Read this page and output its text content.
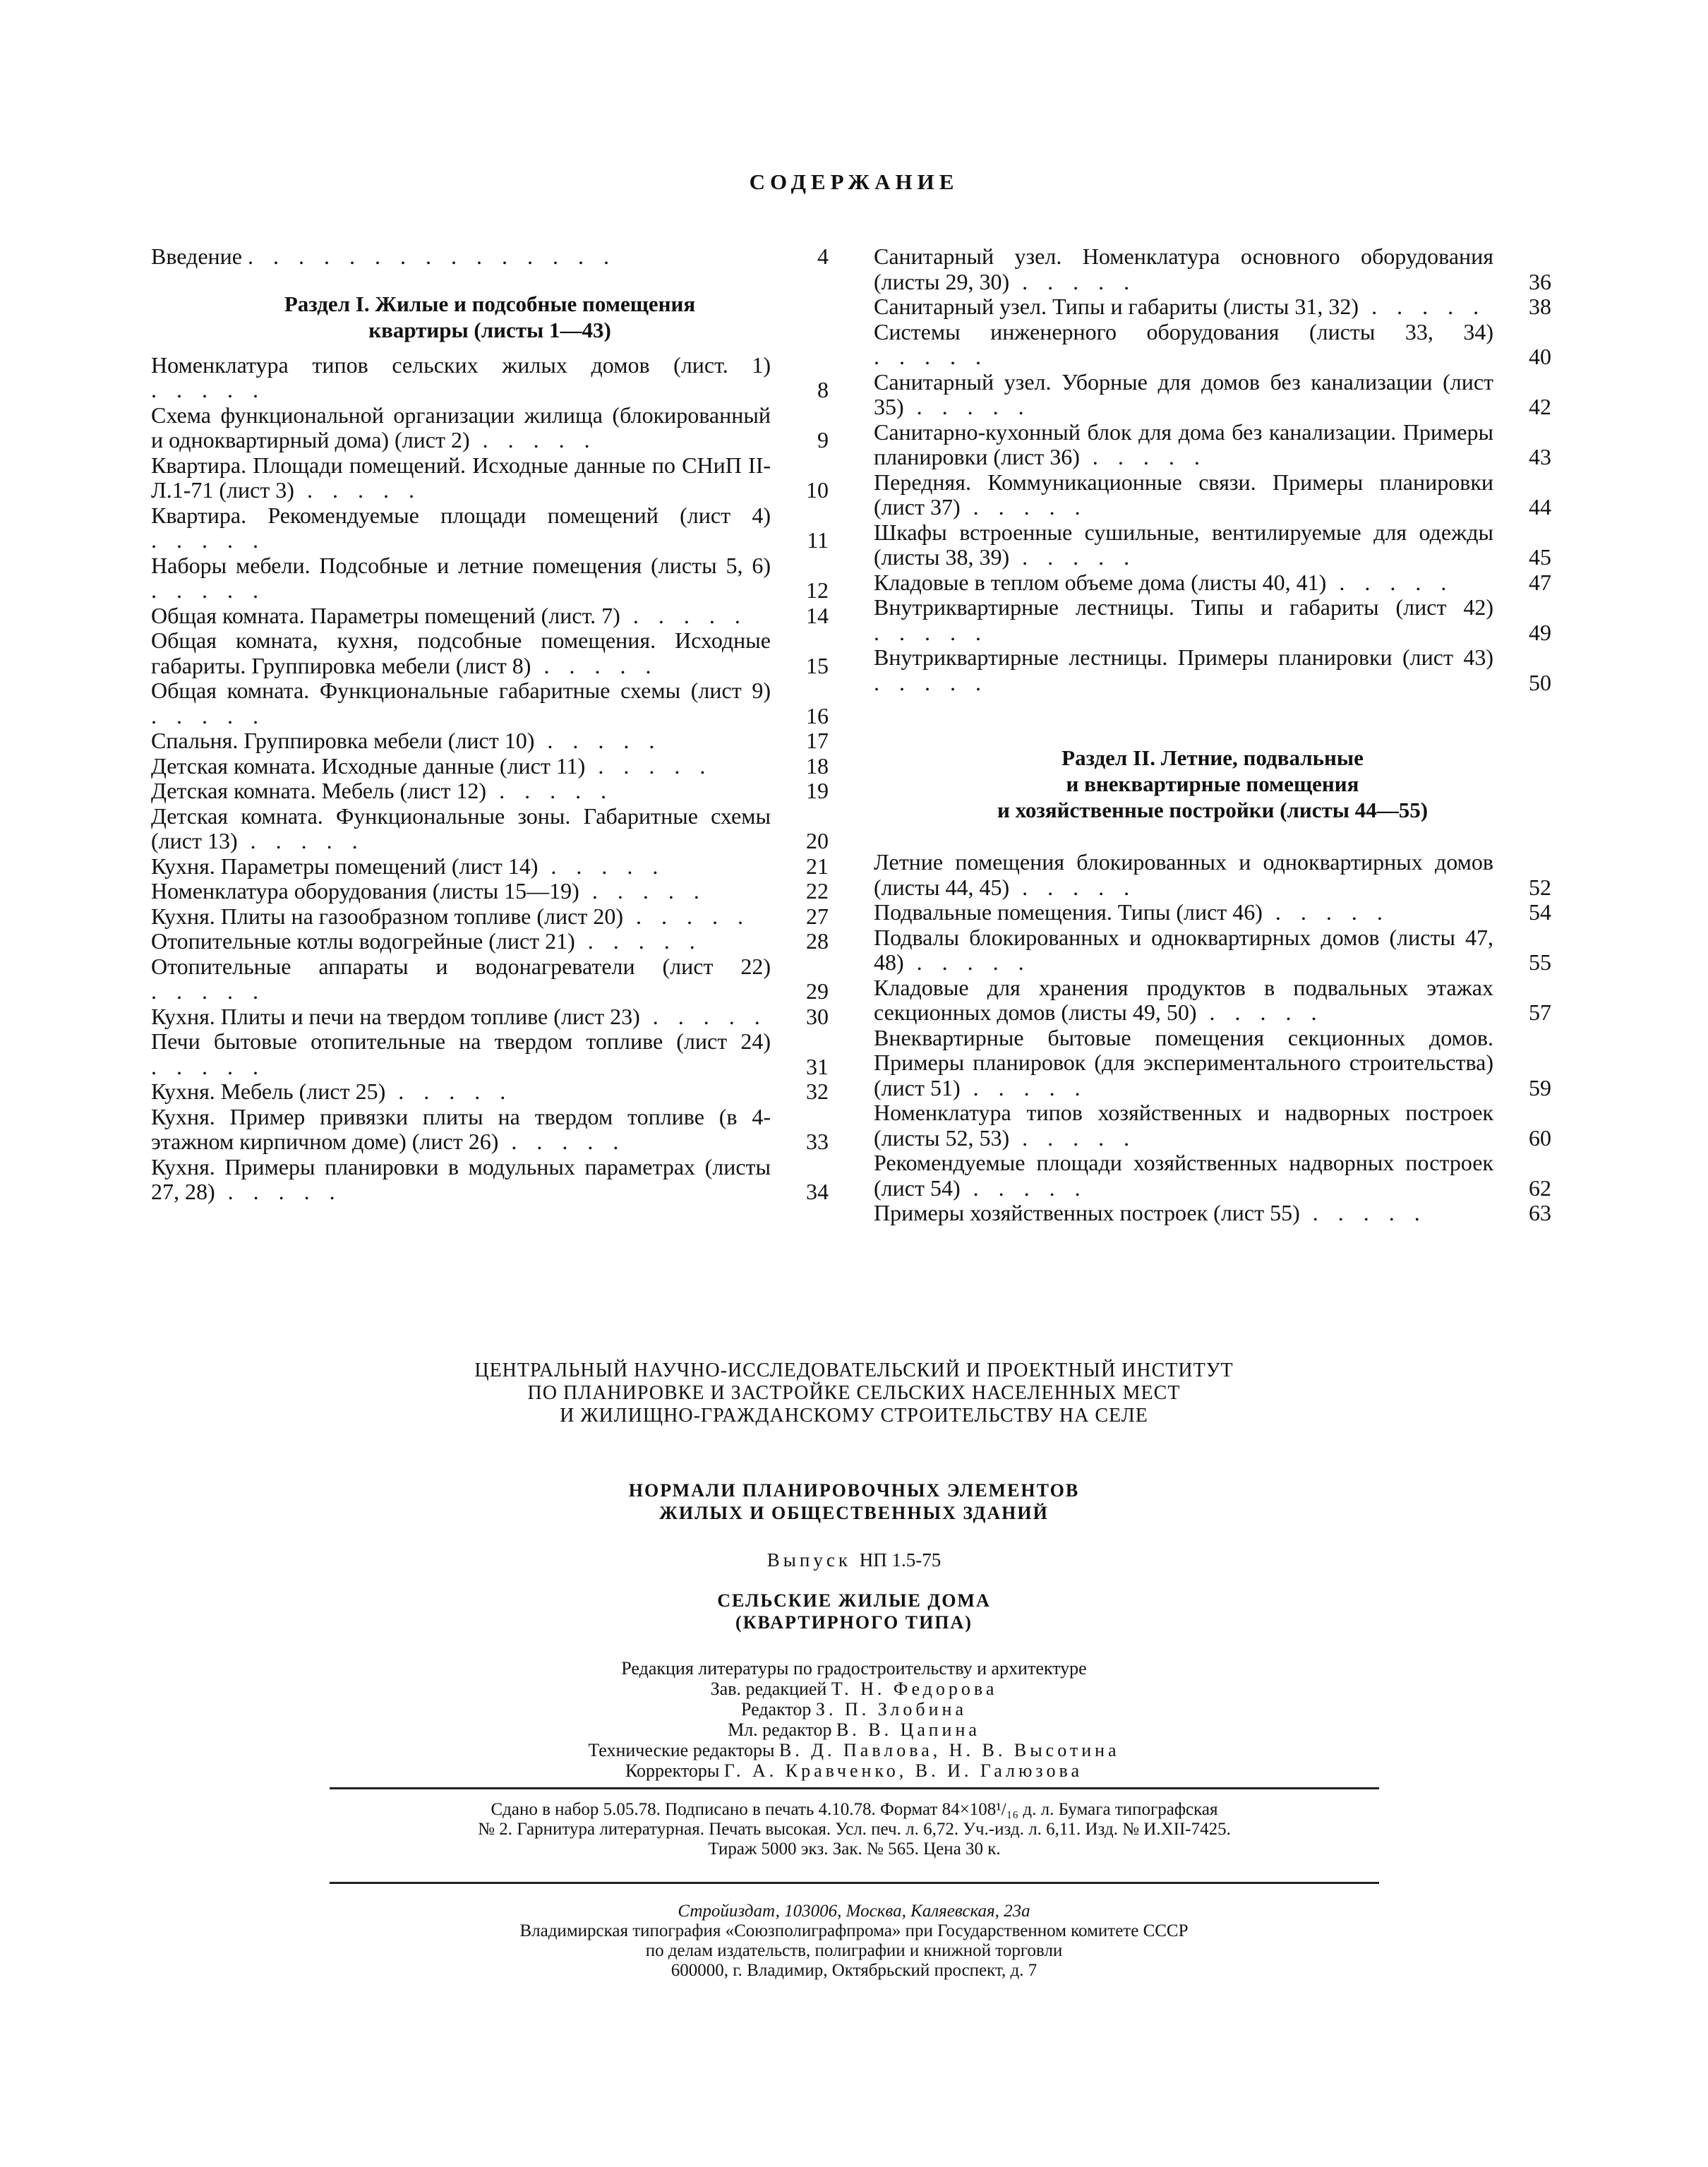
СОДЕРЖАНИЕ
Введение . . . . . . . . . . . . . . .	4
Раздел I. Жилые и подсобные помещения
квартиры (листы 1—43)
Номенклатура типов сельских жилых домов (лист. 1) . . . . .	8
Схема функциональной организации жилища (блокированный и одноквартирный дома) (лист 2) . . . . .	9
Квартира. Площади помещений. Исходные данные по СНиП II-Л.1-71 (лист 3) . . . . .	10
Квартира. Рекомендуемые площади помещений (лист 4) . . . . .	11
Наборы мебели. Подсобные и летние помещения (листы 5, 6) . . . . .	12
Общая комната. Параметры помещений (лист. 7) . . . . .	14
Общая комната, кухня, подсобные помещения. Исходные габариты. Группировка мебели (лист 8) . . . . .	15
Общая комната. Функциональные габаритные схемы (лист 9) . . . . .	16
Спальня. Группировка мебели (лист 10) . . . . .	17
Детская комната. Исходные данные (лист 11) . . . . .	18
Детская комната. Мебель (лист 12) . . . . .	19
Детская комната. Функциональные зоны. Габаритные схемы (лист 13) . . . . .	20
Кухня. Параметры помещений (лист 14) . . . . .	21
Номенклатура оборудования (листы 15—19) . . . . .	22
Кухня. Плиты на газообразном топливе (лист 20) . . . . .	27
Отопительные котлы водогрейные (лист 21) . . . . .	28
Отопительные аппараты и водонагреватели (лист 22) . . . . .	29
Кухня. Плиты и печи на твердом топливе (лист 23) . . . . .	30
Печи бытовые отопительные на твердом топливе (лист 24) . . . . .	31
Кухня. Мебель (лист 25) . . . . .	32
Кухня. Пример привязки плиты на твердом топливе (в 4-этажном кирпичном доме) (лист 26) . . . . .	33
Кухня. Примеры планировки в модульных параметрах (листы 27, 28) . . . . .	34
Санитарный узел. Номенклатура основного оборудования (листы 29, 30) . . . . .	36
Санитарный узел. Типы и габариты (листы 31, 32) . . . . .	38
Системы инженерного оборудования (листы 33, 34) . . . . .	40
Санитарный узел. Уборные для домов без канализации (лист 35) . . . . .	42
Санитарно-кухонный блок для дома без канализации. Примеры планировки (лист 36) . . . . .	43
Передняя. Коммуникационные связи. Примеры планировки (лист 37) . . . . .	44
Шкафы встроенные сушильные, вентилируемые для одежды (листы 38, 39) . . . . .	45
Кладовые в теплом объеме дома (листы 40, 41) . . . . .	47
Внутриквартирные лестницы. Типы и габариты (лист 42) . . . . .	49
Внутриквартирные лестницы. Примеры планировки (лист 43) . . . . .	50
Раздел II. Летние, подвальные
и внеквартирные помещения
и хозяйственные постройки (листы 44—55)
Летние помещения блокированных и одноквартирных домов (листы 44, 45) . . . . .	52
Подвальные помещения. Типы (лист 46) . . . . .	54
Подвалы блокированных и одноквартирных домов (листы 47, 48) . . . . .	55
Кладовые для хранения продуктов в подвальных этажах секционных домов (листы 49, 50) . . . . .	57
Внеквартирные бытовые помещения секционных домов. Примеры планировок (для экспериментального строительства) (лист 51) . . . . .	59
Номенклатура типов хозяйственных и надворных построек (листы 52, 53) . . . . .	60
Рекомендуемые площади хозяйственных надворных построек (лист 54) . . . . .	62
Примеры хозяйственных построек (лист 55) . . . . .	63
ЦЕНТРАЛЬНЫЙ НАУЧНО-ИССЛЕДОВАТЕЛЬСКИЙ И ПРОЕКТНЫЙ ИНСТИТУТ
ПО ПЛАНИРОВКЕ И ЗАСТРОЙКЕ СЕЛЬСКИХ НАСЕЛЕННЫХ МЕСТ
И ЖИЛИЩНО-ГРАЖДАНСКОМУ СТРОИТЕЛЬСТВУ НА СЕЛЕ
НОРМАЛИ ПЛАНИРОВОЧНЫХ ЭЛЕМЕНТОВ
ЖИЛЫХ И ОБЩЕСТВЕННЫХ ЗДАНИЙ
Выпуск НП 1.5-75
СЕЛЬСКИЕ ЖИЛЫЕ ДОМА
(КВАРТИРНОГО ТИПА)
Редакция литературы по градостроительству и архитектуре
Зав. редакцией Т. Н. Федорова
Редактор З. П. Злобина
Мл. редактор В. В. Цапина
Технические редакторы В. Д. Павлова, Н. В. Высотина
Корректоры Г. А. Кравченко, В. И. Галюзова
Сдано в набор 5.05.78. Подписано в печать 4.10.78. Формат 84×108¹/₁₆ д. л. Бумага типографская
№ 2. Гарнитура литературная. Печать высокая. Усл. печ. л. 6,72. Уч.-изд. л. 6,11. Изд. № И.XII-7425.
Тираж 5000 экз. Зак. № 565. Цена 30 к.
Стройиздат, 103006, Москва, Каляевская, 23а
Владимирская типография «Союзполиграфпрома» при Государственном комитете СССР
по делам издательств, полиграфии и книжной торговли
600000, г. Владимир, Октябрьский проспект, д. 7
